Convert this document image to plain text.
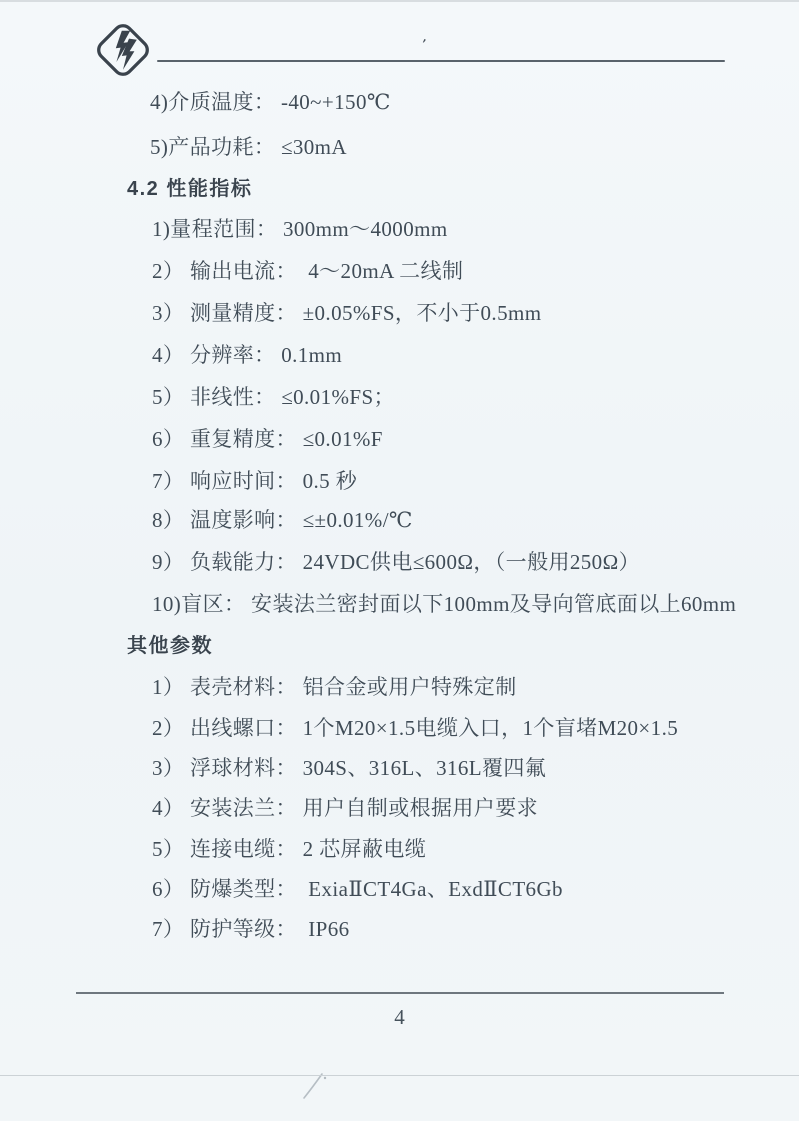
’
4)介质温度： -40~+150℃
5)产品功耗： ≤30mA
4.2 性能指标
1)量程范围： 300mm～4000mm
2） 输出电流：  4～20mA 二线制
3） 测量精度： ±0.05%FS，不小于0.5mm
4） 分辨率： 0.1mm
5） 非线性： ≤0.01%FS；
6） 重复精度： ≤0.01%F
7） 响应时间： 0.5 秒
8） 温度影响： ≤±0.01%/℃
9） 负载能力： 24VDC供电≤600Ω，（一般用250Ω）
10)盲区： 安装法兰密封面以下100mm及导向管底面以上60mm
其他参数
1） 表壳材料： 铝合金或用户特殊定制
2） 出线螺口： 1个M20×1.5电缆入口，1个盲堵M20×1.5
3） 浮球材料： 304S、316L、316L覆四氟
4） 安装法兰： 用户自制或根据用户要求
5） 连接电缆： 2 芯屏蔽电缆
6） 防爆类型：  ExiaⅡCT4Ga、ExdⅡCT6Gb
7） 防护等级：  IP66
4
